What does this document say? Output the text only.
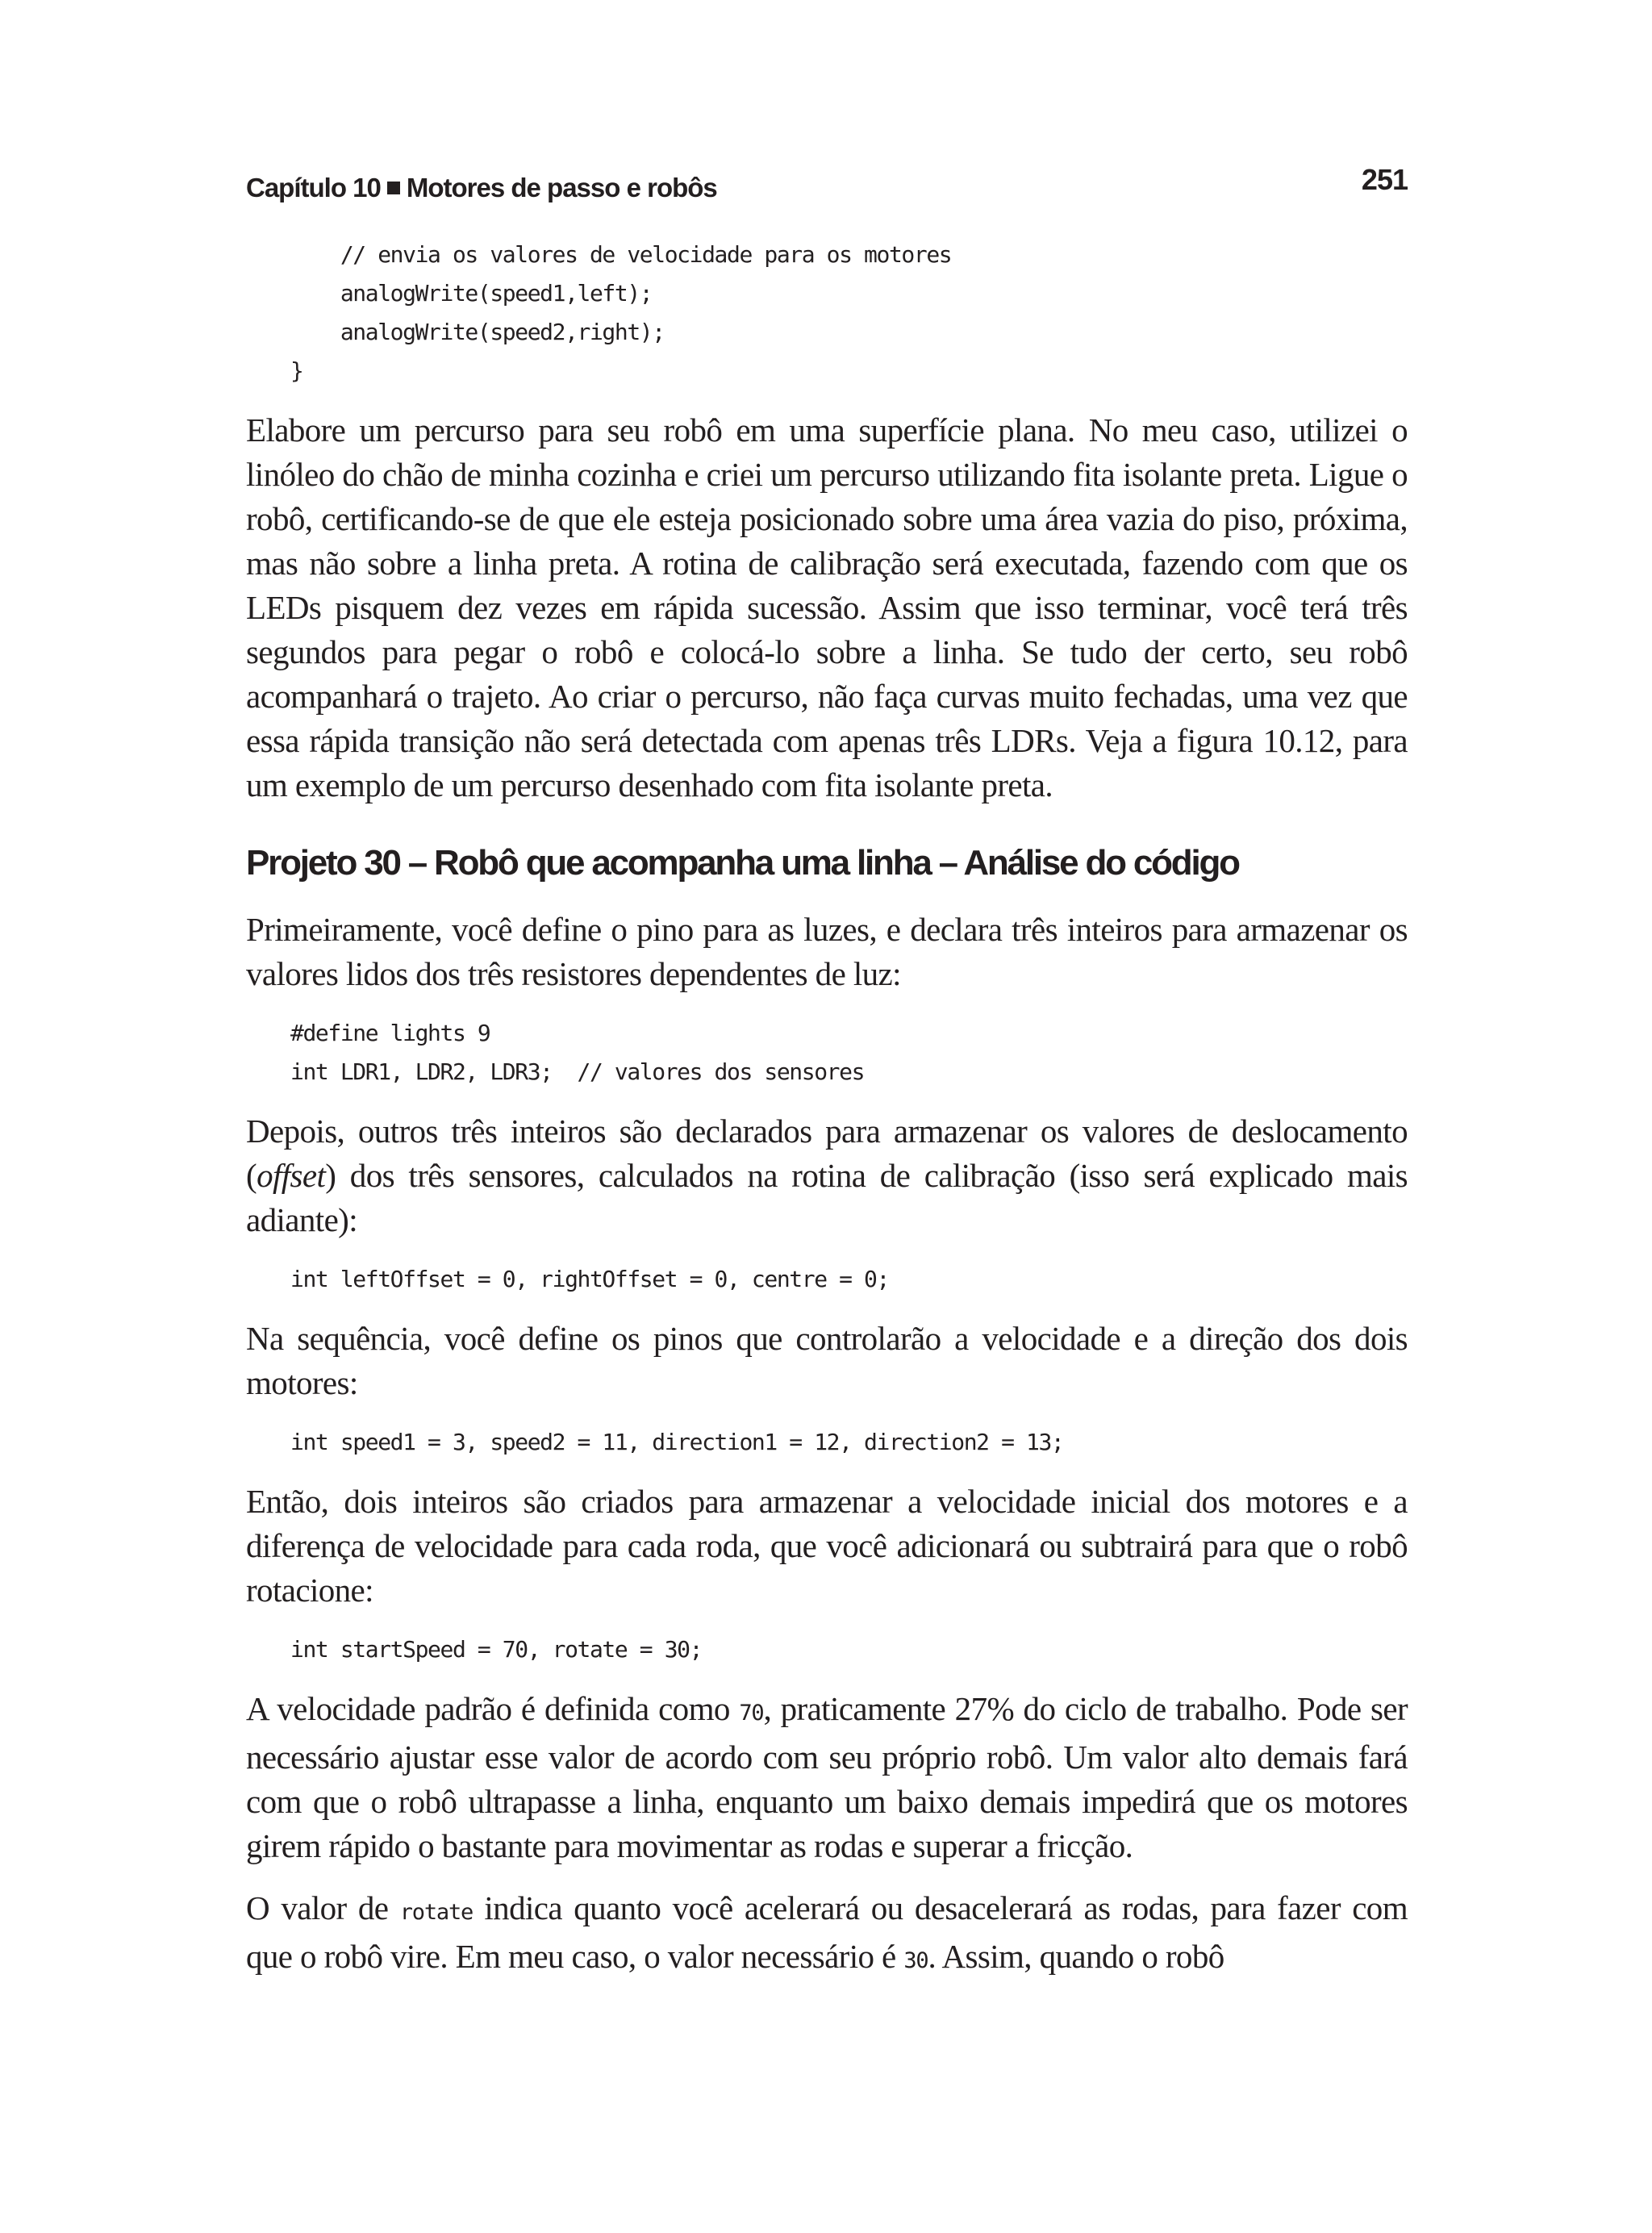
Capítulo 10 Motores de passo e robôs	251
// envia os valores de velocidade para os motores
analogWrite(speed1,left);
analogWrite(speed2,right);
}

Elabore um percurso para seu robô em uma superfície plana. No meu caso, utilizei o linóleo do chão de minha cozinha e criei um percurso utilizando fita isolante preta. Ligue o robô, certificando-se de que ele esteja posicionado sobre uma área vazia do piso, próxima, mas não sobre a linha preta. A rotina de calibração será executada, fazendo com que os LEDs pisquem dez vezes em rápida sucessão. Assim que isso terminar, você terá três segundos para pegar o robô e colocá-lo sobre a linha. Se tudo der certo, seu robô acompanhará o trajeto. Ao criar o percurso, não faça curvas muito fechadas, uma vez que essa rápida transição não será detectada com apenas três LDRs. Veja a figura 10.12, para um exemplo de um percurso desenhado com fita isolante preta.

Projeto 30 – Robô que acompanha uma linha – Análise do código

Primeiramente, você define o pino para as luzes, e declara três inteiros para armazenar os valores lidos dos três resistores dependentes de luz:

#define lights 9
int LDR1, LDR2, LDR3;  // valores dos sensores

Depois, outros três inteiros são declarados para armazenar os valores de deslocamento (offset) dos três sensores, calculados na rotina de calibração (isso será explicado mais adiante):

int leftOffset = 0, rightOffset = 0, centre = 0;

Na sequência, você define os pinos que controlarão a velocidade e a direção dos dois motores:

int speed1 = 3, speed2 = 11, direction1 = 12, direction2 = 13;

Então, dois inteiros são criados para armazenar a velocidade inicial dos motores e a diferença de velocidade para cada roda, que você adicionará ou subtrairá para que o robô rotacione:

int startSpeed = 70, rotate = 30;

A velocidade padrão é definida como 70, praticamente 27% do ciclo de trabalho. Pode ser necessário ajustar esse valor de acordo com seu próprio robô. Um valor alto demais fará com que o robô ultrapasse a linha, enquanto um baixo demais impedirá que os motores girem rápido o bastante para movimentar as rodas e superar a fricção.

O valor de rotate indica quanto você acelerará ou desacelerará as rodas, para fazer com que o robô vire. Em meu caso, o valor necessário é 30. Assim, quando o robô
